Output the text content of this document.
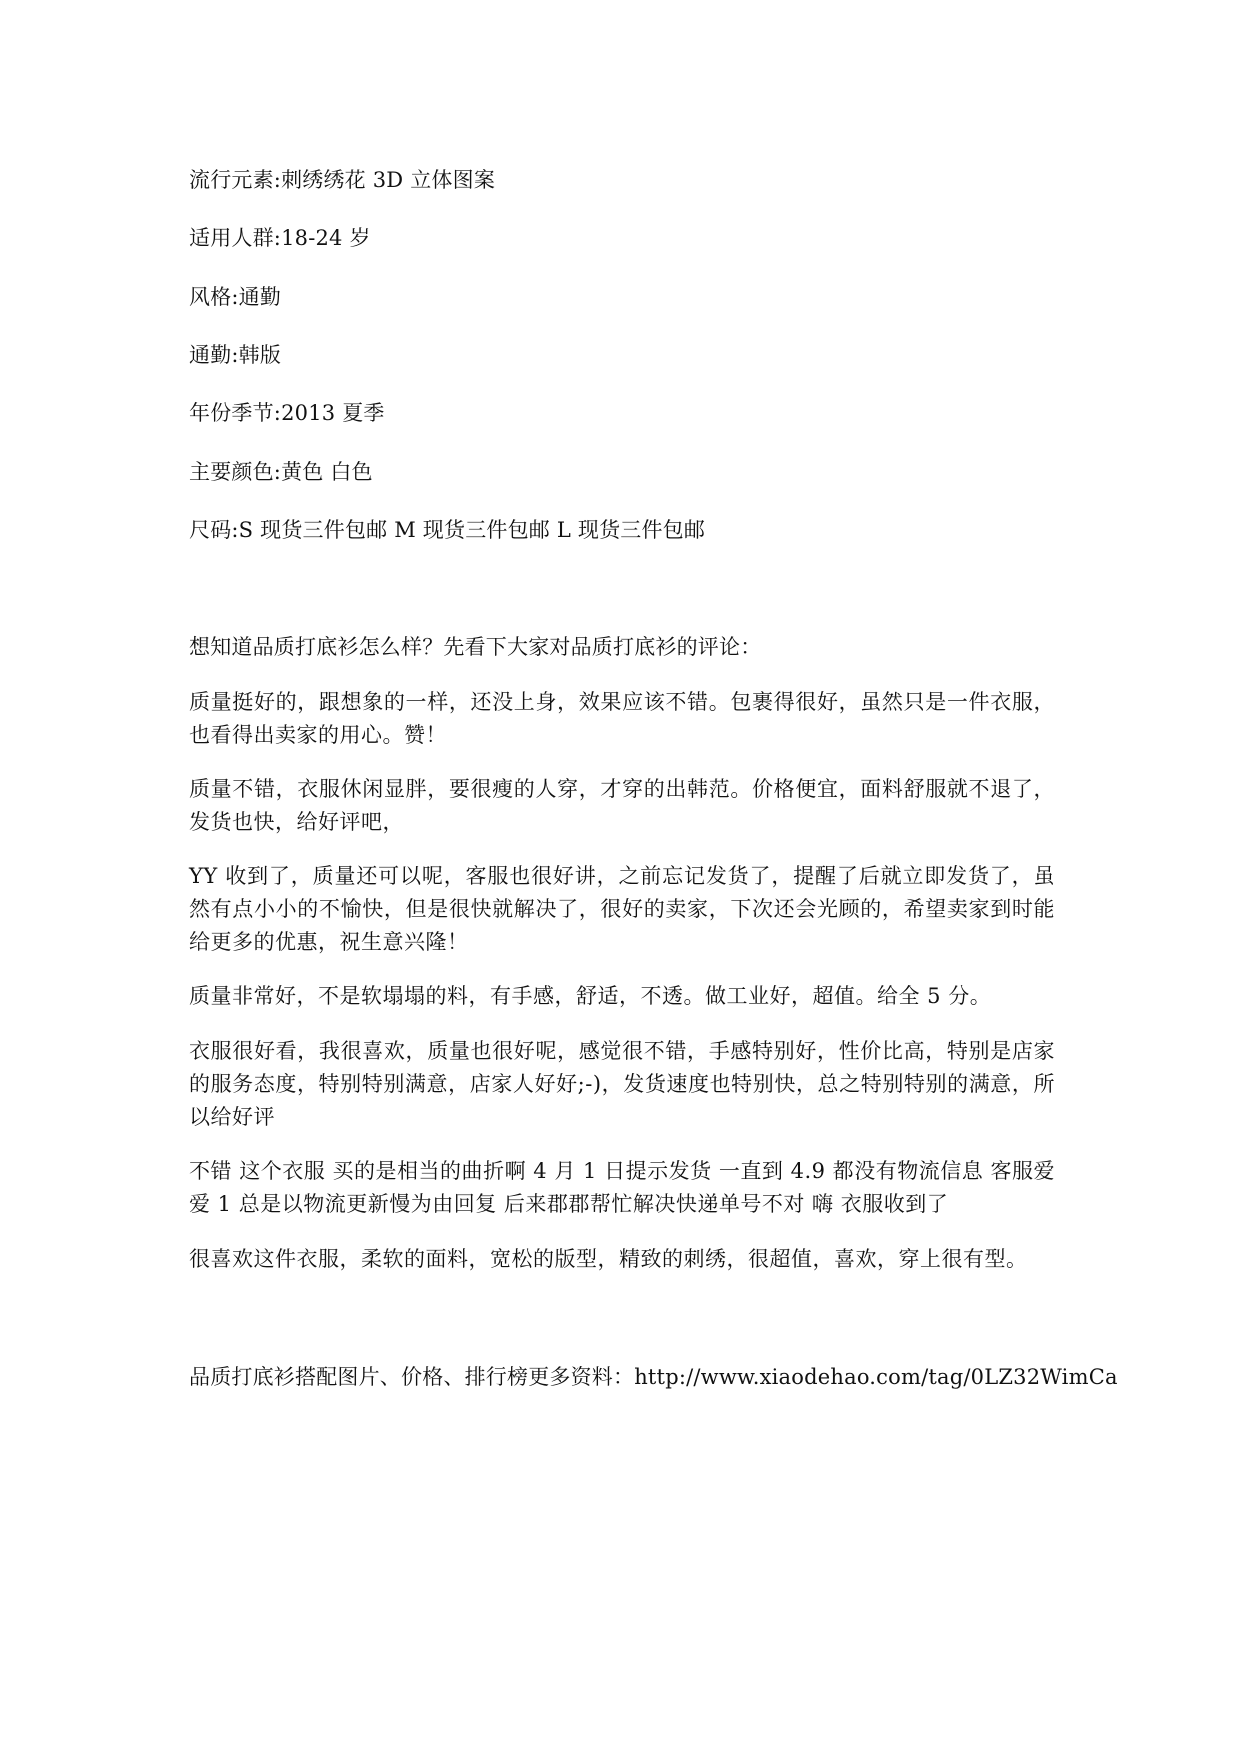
流行元素:刺绣绣花 3D 立体图案
适用人群:18-24 岁
风格:通勤
通勤:韩版
年份季节:2013 夏季
主要颜色:黄色 白色
尺码:S 现货三件包邮 M 现货三件包邮 L 现货三件包邮
想知道品质打底衫怎么样？先看下大家对品质打底衫的评论：
质量挺好的，跟想象的一样，还没上身，效果应该不错。包裹得很好，虽然只是一件衣服，也看得出卖家的用心。赞！
质量不错，衣服休闲显胖，要很瘦的人穿，才穿的出韩范。价格便宜，面料舒服就不退了，发货也快，给好评吧，
YY 收到了，质量还可以呢，客服也很好讲，之前忘记发货了，提醒了后就立即发货了，虽然有点小小的不愉快，但是很快就解决了，很好的卖家，下次还会光顾的，希望卖家到时能给更多的优惠，祝生意兴隆！
质量非常好，不是软塌塌的料，有手感，舒适，不透。做工业好，超值。给全 5 分。
衣服很好看，我很喜欢，质量也很好呢，感觉很不错，手感特别好，性价比高，特别是店家的服务态度，特别特别满意，店家人好好;-)，发货速度也特别快，总之特别特别的满意，所以给好评
不错 这个衣服 买的是相当的曲折啊 4 月 1 日提示发货 一直到 4.9 都没有物流信息 客服爱爱 1 总是以物流更新慢为由回复 后来郡郡帮忙解决快递单号不对 嗨 衣服收到了
很喜欢这件衣服，柔软的面料，宽松的版型，精致的刺绣，很超值，喜欢，穿上很有型。
品质打底衫搭配图片、价格、排行榜更多资料：http://www.xiaodehao.com/tag/0LZ32WimCa
